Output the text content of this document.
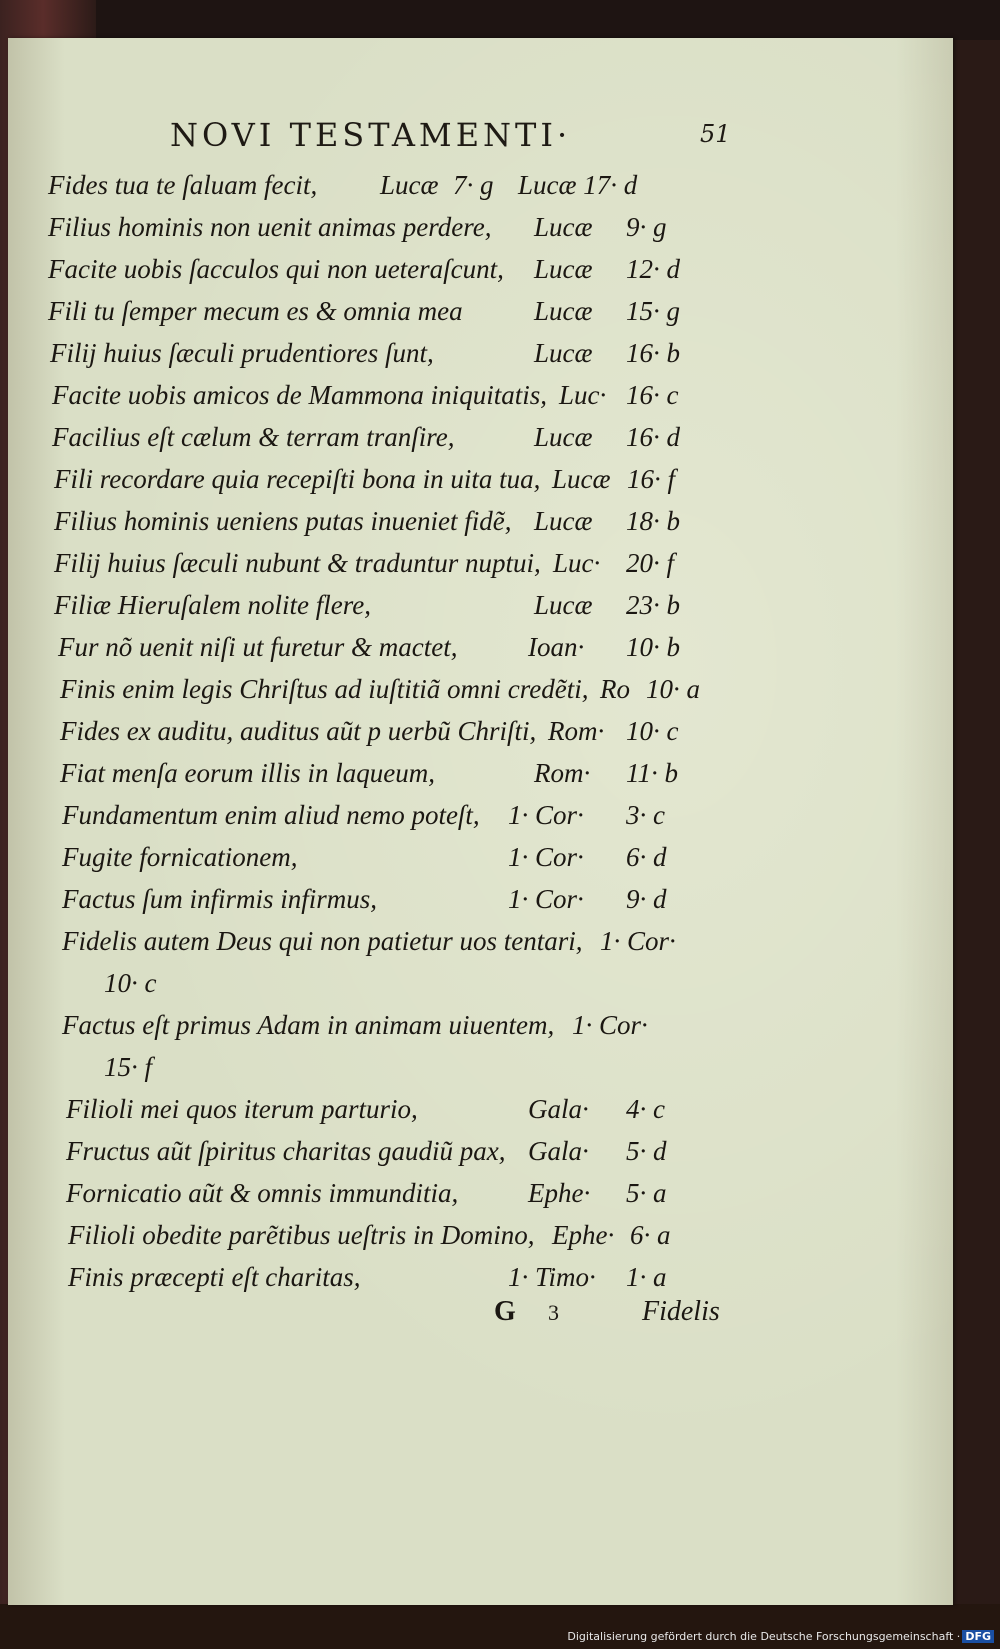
NOVI TESTAMENTI·	51
Fides tua te ſaluam fecit, Lucæ 7· g Lucæ 17· d
Filius hominis non uenit animas perdere, Lucæ 9· g
Facite uobis ſacculos qui non ueteraſcunt, Lucæ 12· d
Fili tu ſemper mecum es & omnia mea	Lucæ 15· g
Filij huius ſæculi prudentiores ſunt,	Lucæ 16· b
Facite uobis amicos de Mammona iniquitatis, Luc· 16· c
Facilius eſt cælum & terram tranſire,	Lucæ 16· d
Fili recordare quia recepiſti bona in uita tua, Lucæ 16· f
Filius hominis ueniens putas inueniet fidẽ, Lucæ 18· b
Filij huius ſæculi nubunt & traduntur nuptui, Luc· 20· f
Filiæ Hieruſalem nolite flere,	Lucæ 23· b
Fur nõ uenit niſi ut furetur & mactet,	Ioan· 10· b
Finis enim legis Chriſtus ad iuſtitiã omni credẽti, Ro 10· a
Fides ex auditu, auditus aũt p uerbũ Chriſti, Rom· 10· c
Fiat menſa eorum illis in laqueum,	Rom· 11· b
Fundamentum enim aliud nemo poteſt, 1· Cor· 3· c
Fugite fornicationem,	1· Cor· 6· d
Factus ſum infirmis infirmus,	1· Cor· 9· d
Fidelis autem Deus qui non patietur uos tentari, 1· Cor·
10· c
Factus eſt primus Adam in animam uiuentem, 1· Cor·
15· f
Filioli mei quos iterum parturio,	Gala· 4· c
Fructus aũt ſpiritus charitas gaudiũ pax, Gala· 5· d
Fornicatio aũt & omnis immunditia,	Ephe· 5· a
Filioli obedite parẽtibus ueſtris in Domino, Ephe· 6· a
Finis præcepti eſt charitas,	1· Timo· 1· a
G 3	Fidelis
Digitalisierung gefördert durch die Deutsche Forschungsgemeinschaft · DFG
